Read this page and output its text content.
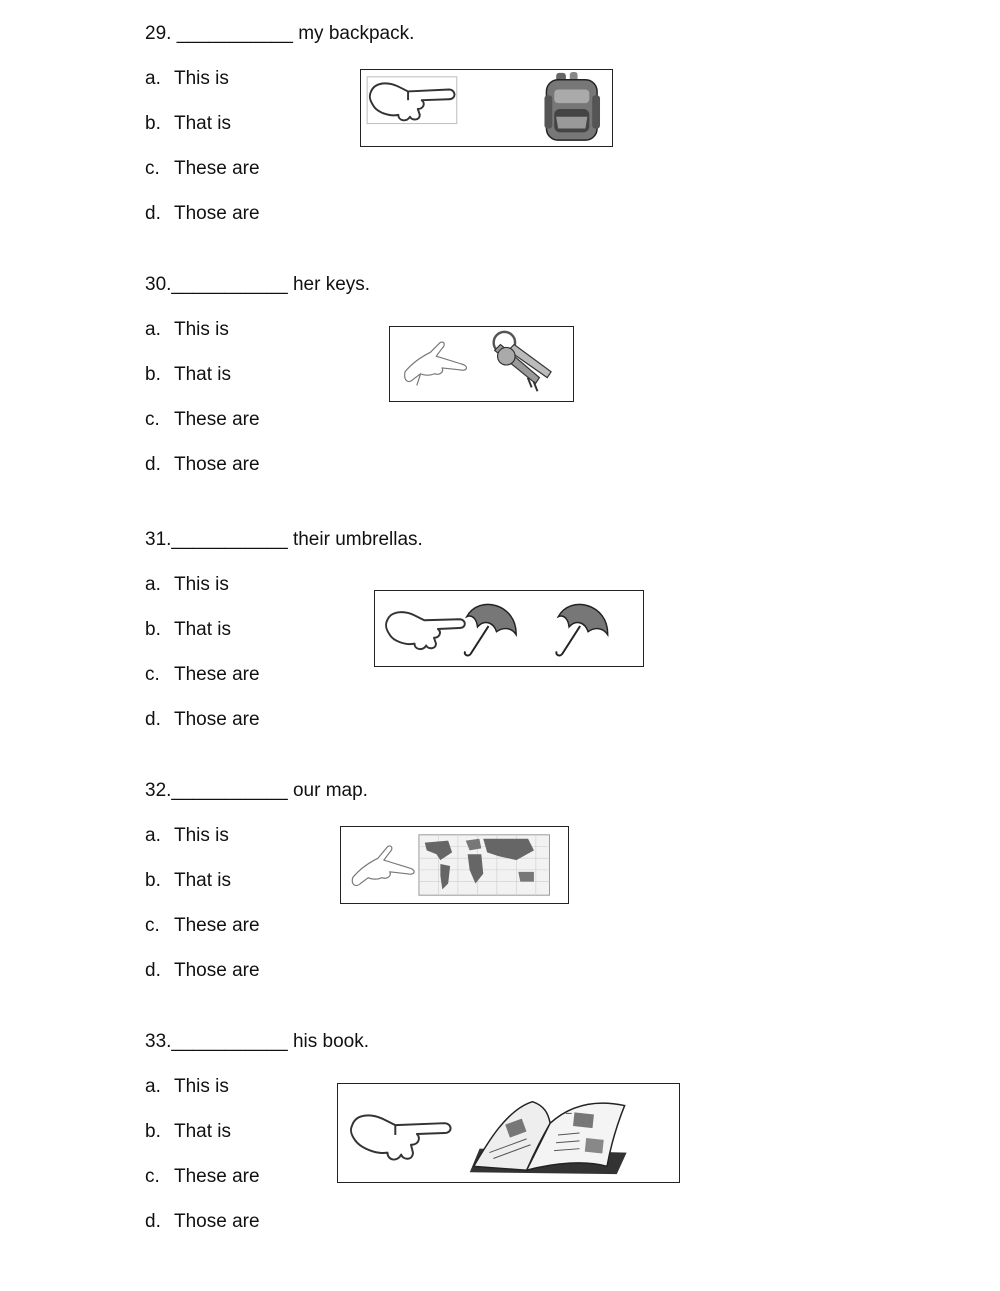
29. ___________ my backpack.
a. This is
b. That is
c. These are
d. Those are
30.___________ her keys.
a. This is
b. That is
c. These are
d. Those are
31.___________ their umbrellas.
a. This is
b. That is
c. These are
d. Those are
32.___________ our map.
a. This is
b. That is
c. These are
d. Those are
33.___________ his book.
a. This is
b. That is
c. These are
d. Those are
